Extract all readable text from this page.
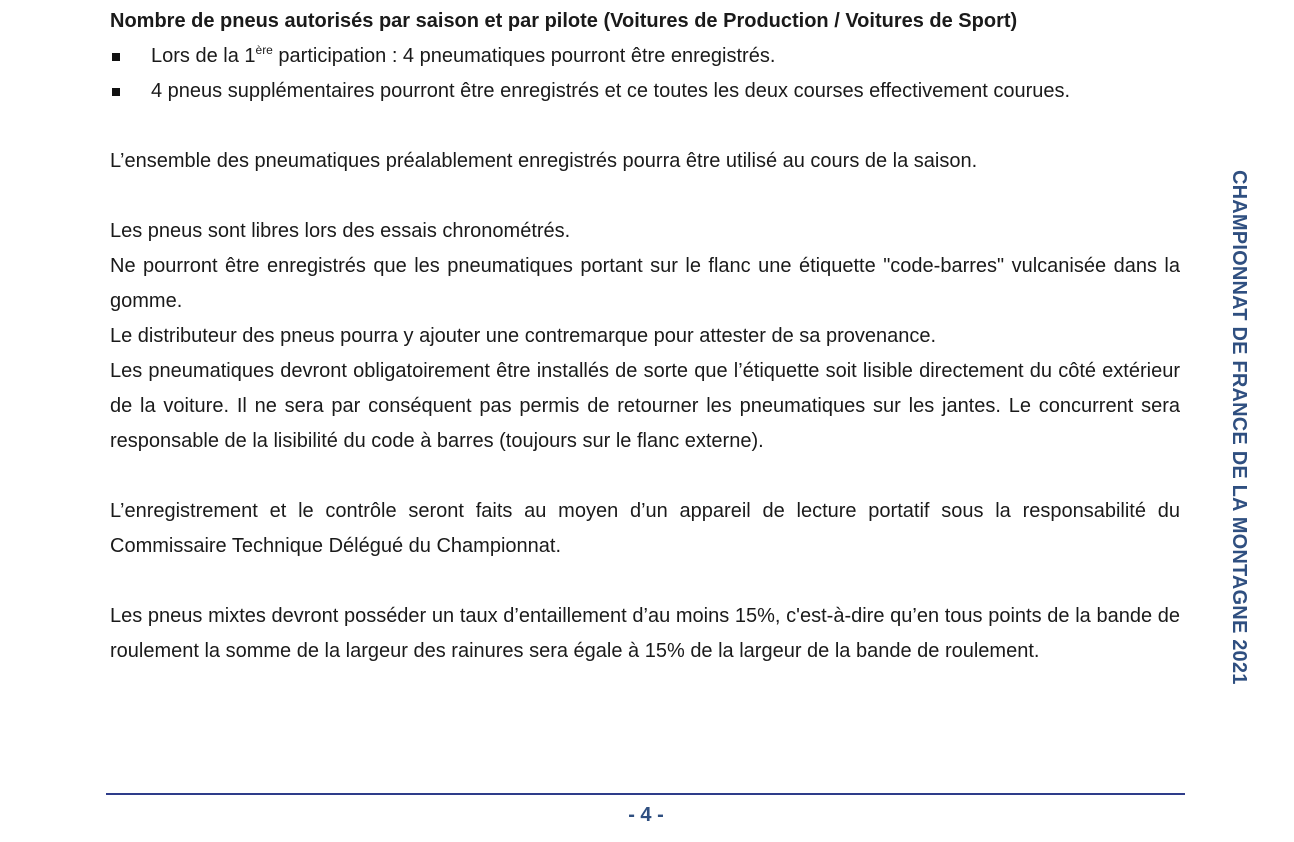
Nombre de pneus autorisés par saison et par pilote (Voitures de Production / Voitures de Sport)

Lors de la 1ère participation : 4 pneumatiques pourront être enregistrés.
4 pneus supplémentaires pourront être enregistrés et ce toutes les deux courses effectivement courues.

L’ensemble des pneumatiques préalablement enregistrés pourra être utilisé au cours de la saison.

Les pneus sont libres lors des essais chronométrés.

Ne pourront être enregistrés que les pneumatiques portant sur le flanc une étiquette "code-barres" vulcanisée dans la gomme.

Le distributeur des pneus pourra y ajouter une contremarque pour attester de sa provenance.

Les pneumatiques devront obligatoirement être installés de sorte que l’étiquette soit lisible directement du côté extérieur de la voiture. Il ne sera par conséquent pas permis de retourner les pneumatiques sur les jantes. Le concurrent sera responsable de la lisibilité du code à barres (toujours sur le flanc externe).

L’enregistrement et le contrôle seront faits au moyen d’un appareil de lecture portatif sous la responsabilité du Commissaire Technique Délégué du Championnat.

Les pneus mixtes devront posséder un taux d’entaillement d’au moins 15%, c'est-à-dire qu’en tous points de la bande de roulement la somme de la largeur des rainures sera égale à 15% de la largeur de la bande de roulement.	CHAMPIONNAT DE FRANCE DE LA MONTAGNE 2021
- 4 -
